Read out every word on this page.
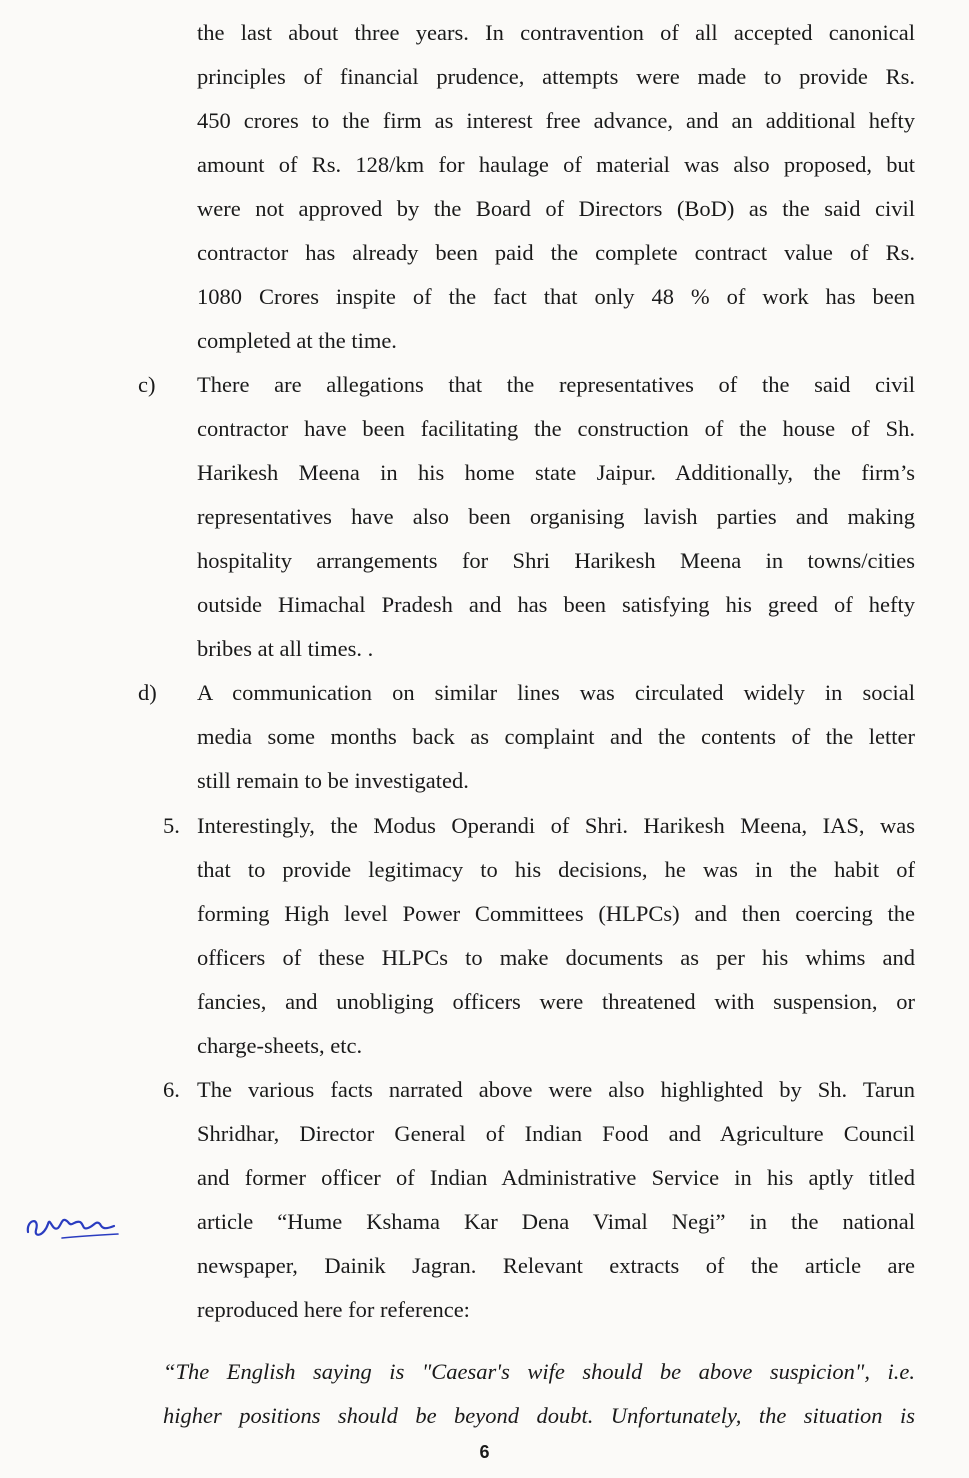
the last about three years. In contravention of all accepted canonical
principles of financial prudence, attempts were made to provide Rs.
450 crores to the firm as interest free advance, and an additional hefty
amount of Rs. 128/km for haulage of material was also proposed, but
were not approved by the Board of Directors (BoD) as the said civil
contractor has already been paid the complete contract value of Rs.
1080 Crores inspite of the fact that only 48 % of work has been
completed at the time.
c) There are allegations that the representatives of the said civil
contractor have been facilitating the construction of the house of Sh.
Harikesh Meena in his home state Jaipur. Additionally, the firm’s
representatives have also been organising lavish parties and making
hospitality arrangements for Shri Harikesh Meena in towns/cities
outside Himachal Pradesh and has been satisfying his greed of hefty
bribes at all times. .
d) A communication on similar lines was circulated widely in social
media some months back as complaint and the contents of the letter
still remain to be investigated.
5. Interestingly, the Modus Operandi of Shri. Harikesh Meena, IAS, was
that to provide legitimacy to his decisions, he was in the habit of
forming High level Power Committees (HLPCs) and then coercing the
officers of these HLPCs to make documents as per his whims and
fancies, and unobliging officers were threatened with suspension, or
charge-sheets, etc.
6. The various facts narrated above were also highlighted by Sh. Tarun
Shridhar, Director General of Indian Food and Agriculture Council
and former officer of Indian Administrative Service in his aptly titled
article “Hume Kshama Kar Dena Vimal Negi” in the national
newspaper, Dainik Jagran. Relevant extracts of the article are
reproduced here for reference:
“The English saying is "Caesar's wife should be above suspicion", i.e.
higher positions should be beyond doubt. Unfortunately, the situation is
6
